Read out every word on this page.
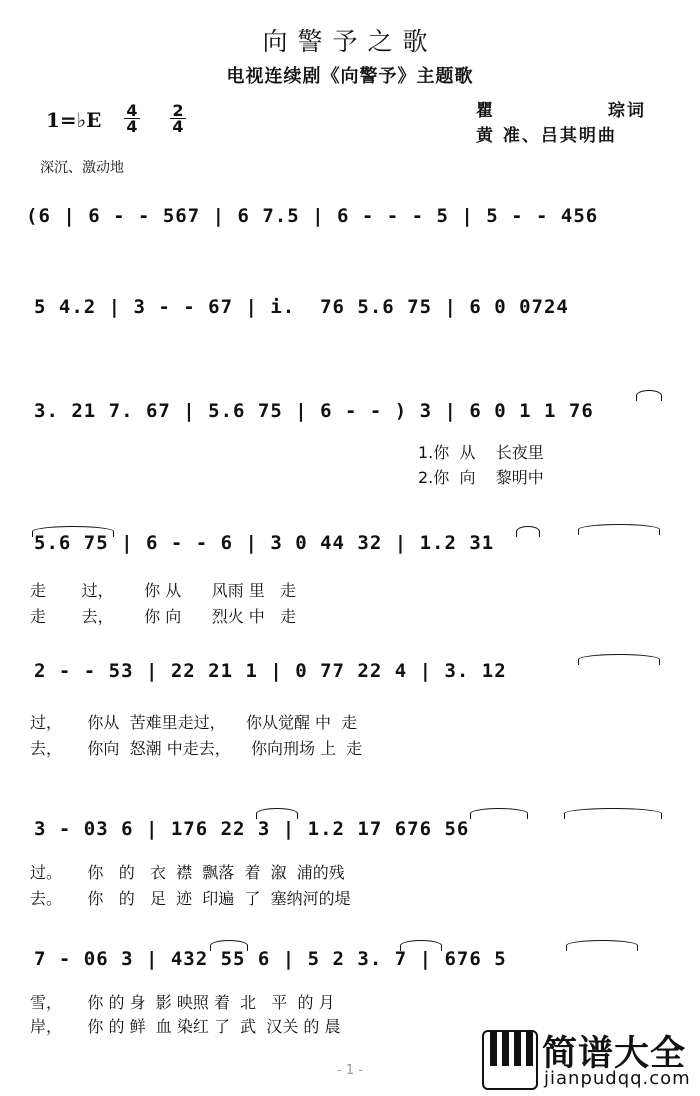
向警予之歌
电视连续剧《向警予》主题歌
1=♭E $\frac{4}{4} \frac{2}{4}$	瞿	琮词
黄 准、吕其明曲
深沉、激动地
(6 | 6 - - 567 | 6 7.5 | 6 - - - 5 | 5 - - 456
5 4.2 | 3 - - 67 | i.  76 5.6 75 | 6 0 0724
3. 21 7. 67 | 5.6 75 | 6 - - ) 3 | 6 0 1 1 76
1.你  从    长夜里
2.你  向    黎明中
5.6 75 | 6 - - 6 | 3 0 44 32 | 1.2 31
走       过，      你 从      风雨 里   走
走       去，      你 向      烈火 中   走
2 - - 53 | 22 21 1 | 0 77 22 4 | 3. 12
过，     你从  苦难里走过，    你从觉醒 中  走
去，     你向  怒潮 中走去，    你向刑场 上  走
3 - 03 6 | 176 22 3 | 1.2 17 676 56
过。     你   的   衣  襟  飘落  着  溆  浦的残
去。     你   的   足  迹  印遍  了  塞纳河的堤
7 - 06 3 | 432 55 6 | 5 2 3. 7 | 676 5
雪，     你 的 身  影 映照 着  北   平  的 月
岸，     你 的 鲜  血 染红 了  武  汉关 的 晨
- 1 -	简谱大全
jianpudqq.com
